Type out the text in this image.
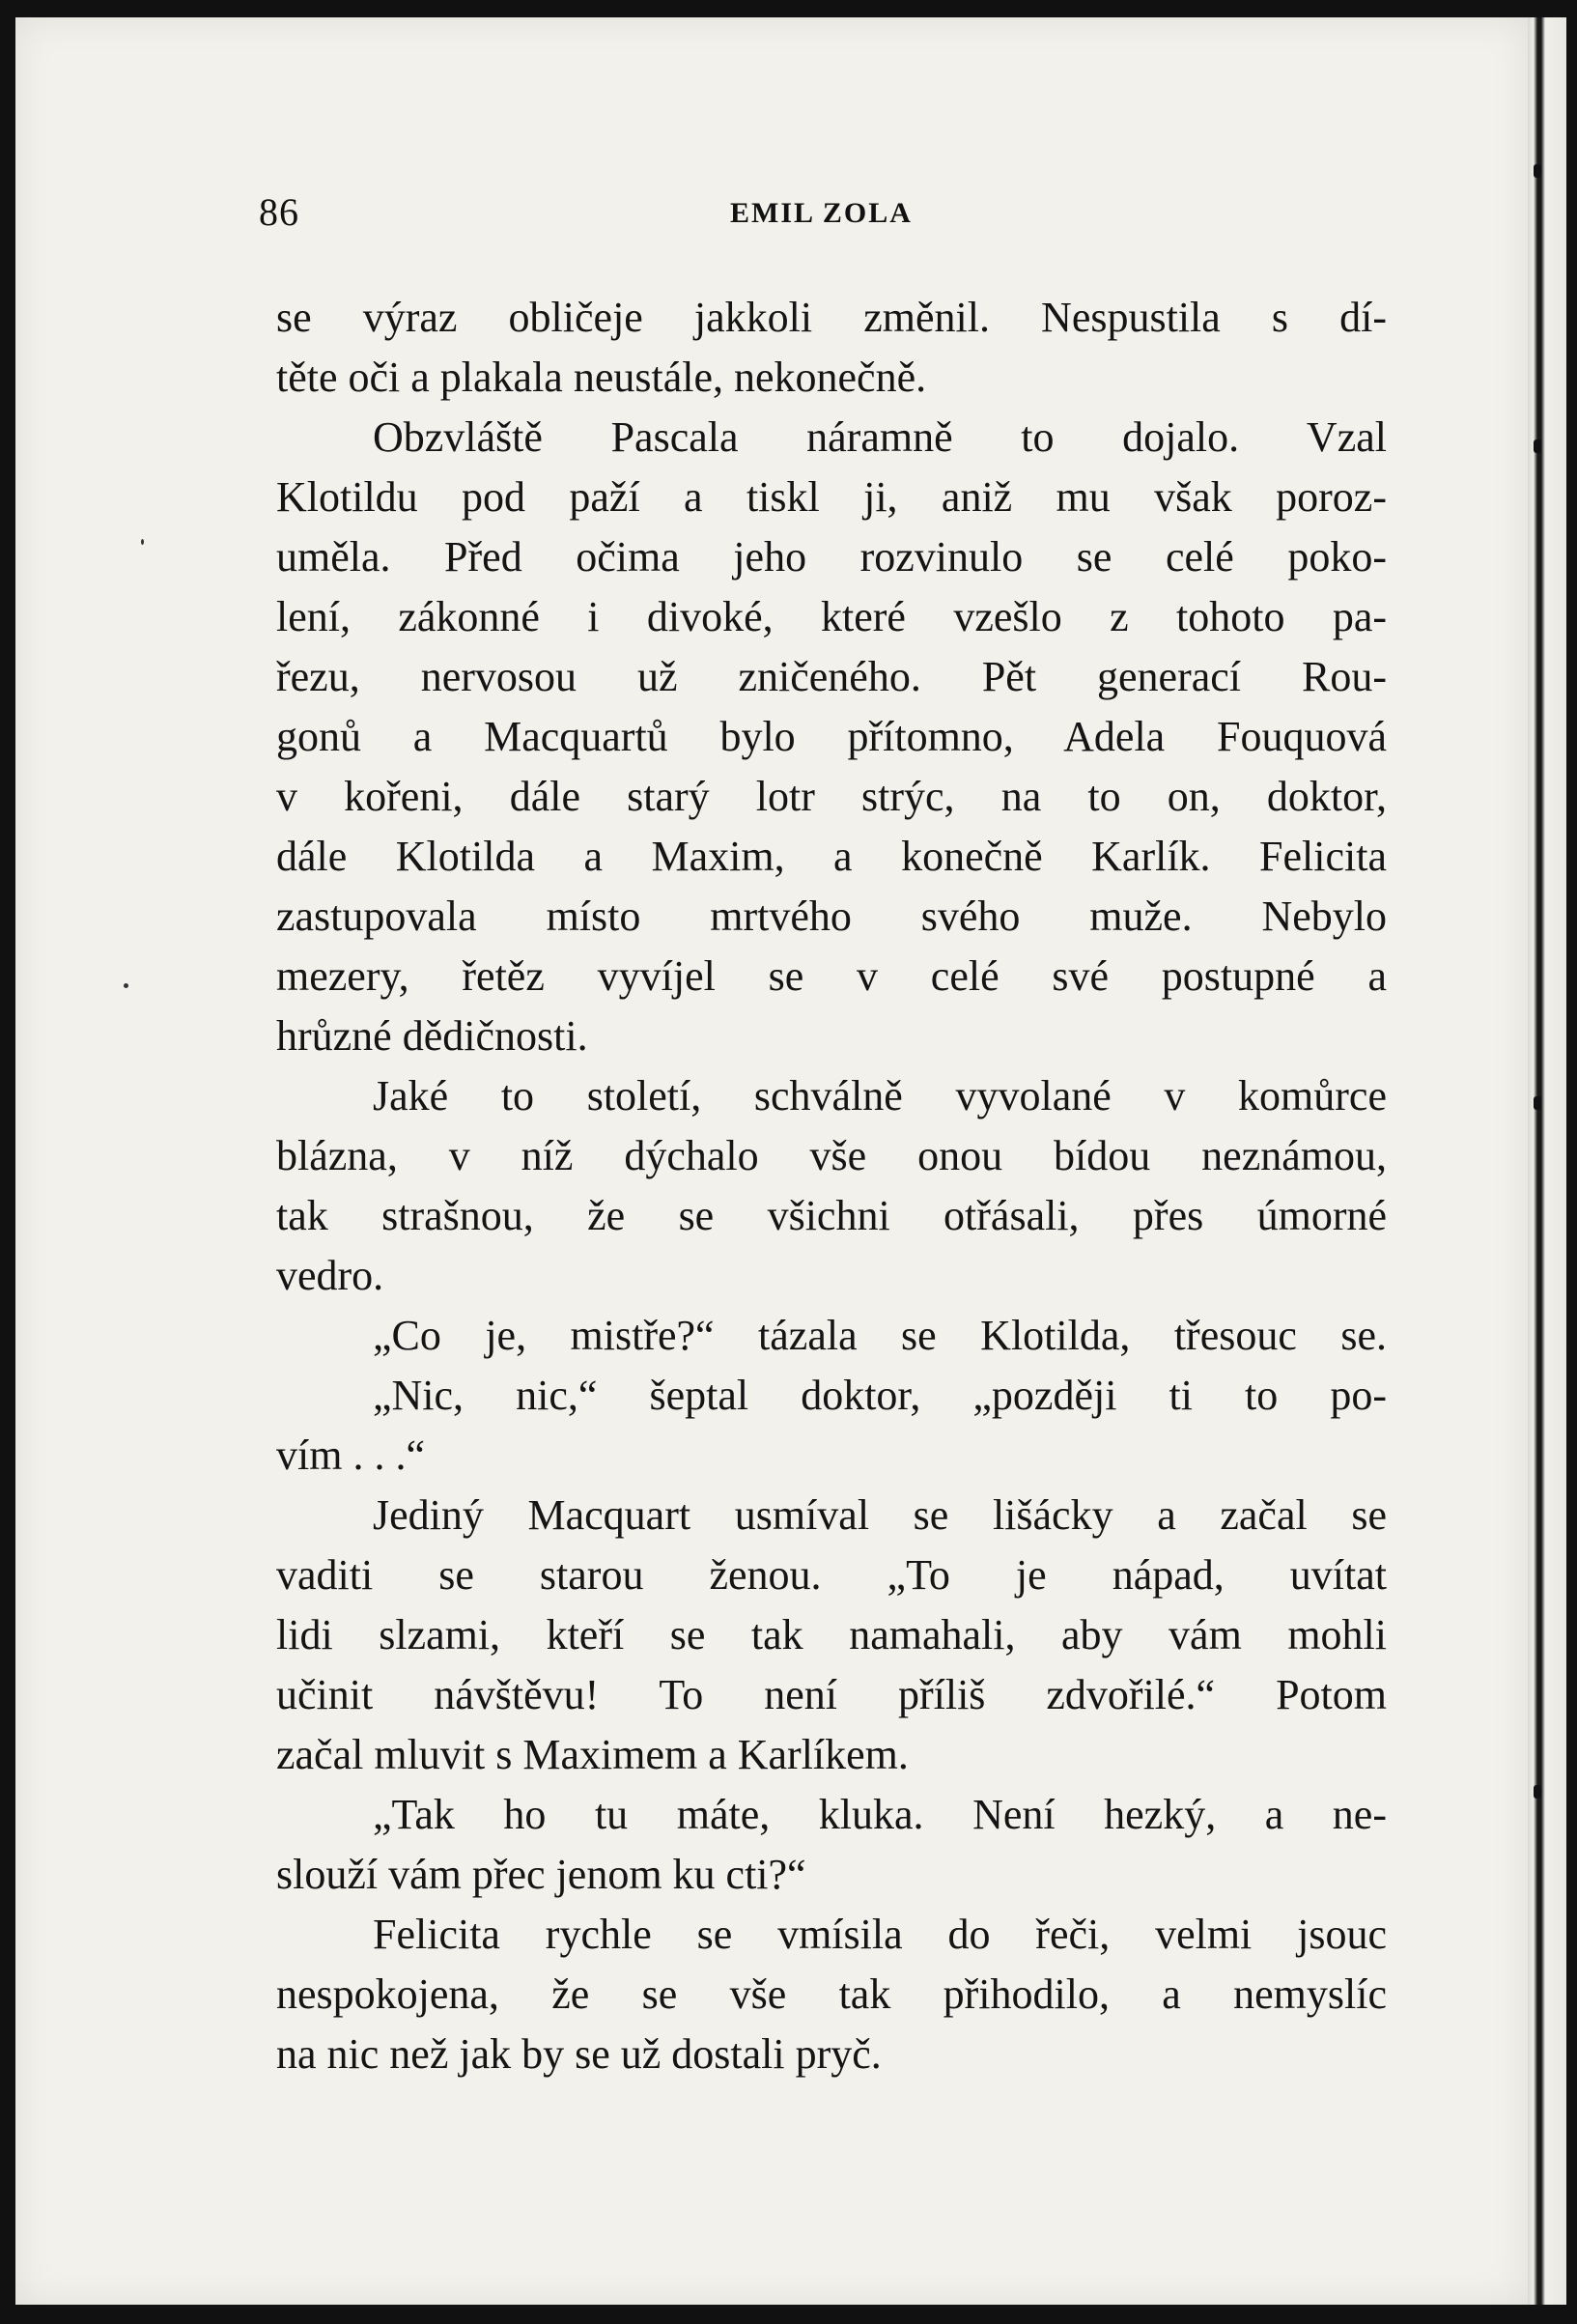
86	EMIL ZOLA
se výraz obličeje jakkoli změnil. Nespustila s dí-
těte oči a plakala neustále, nekonečně.
Obzvláště Pascala náramně to dojalo. Vzal
Klotildu pod paží a tiskl ji, aniž mu však poroz-
uměla. Před očima jeho rozvinulo se celé poko-
lení, zákonné i divoké, které vzešlo z tohoto pa-
řezu, nervosou už zničeného. Pět generací Rou-
gonů a Macquartů bylo přítomno, Adela Fouquová
v kořeni, dále starý lotr strýc, na to on, doktor,
dále Klotilda a Maxim, a konečně Karlík. Felicita
zastupovala místo mrtvého svého muže. Nebylo
mezery, řetěz vyvíjel se v celé své postupné a
hrůzné dědičnosti.
Jaké to století, schválně vyvolané v komůrce
blázna, v níž dýchalo vše onou bídou neznámou,
tak strašnou, že se všichni otřásali, přes úmorné
vedro.
„Co je, mistře?“ tázala se Klotilda, třesouc se.
„Nic, nic,“ šeptal doktor, „později ti to po-
vím . . .“
Jediný Macquart usmíval se lišácky a začal se
vaditi se starou ženou. „To je nápad, uvítat
lidi slzami, kteří se tak namahali, aby vám mohli
učinit návštěvu! To není příliš zdvořilé.“ Potom
začal mluvit s Maximem a Karlíkem.
„Tak ho tu máte, kluka. Není hezký, a ne-
slouží vám přec jenom ku cti?“
Felicita rychle se vmísila do řeči, velmi jsouc
nespokojena, že se vše tak přihodilo, a nemyslíc
na nic než jak by se už dostali pryč.
